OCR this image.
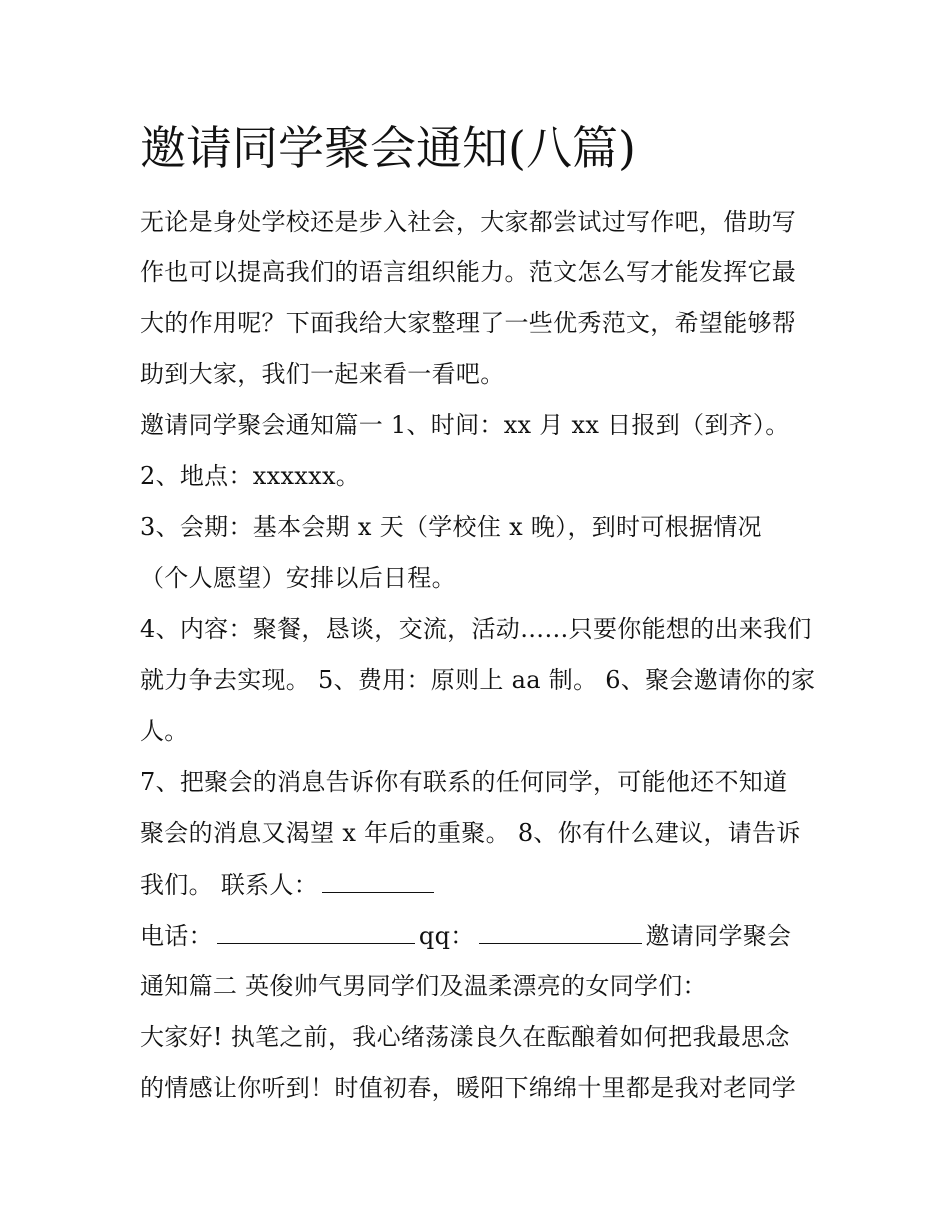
邀请同学聚会通知(八篇)

无论是身处学校还是步入社会，大家都尝试过写作吧，借助写

作也可以提高我们的语言组织能力。范文怎么写才能发挥它最

大的作用呢？下面我给大家整理了一些优秀范文，希望能够帮

助到大家，我们一起来看一看吧。

邀请同学聚会通知篇一 1、时间：xx 月 xx 日报到（到齐）。

2、地点：xxxxxx。

3、会期：基本会期 x 天（学校住 x 晚），到时可根据情况

（个人愿望）安排以后日程。

4、内容：聚餐，恳谈，交流，活动……只要你能想的出来我们

就力争去实现。 5、费用：原则上 aa 制。 6、聚会邀请你的家

人。

7、把聚会的消息告诉你有联系的任何同学，可能他还不知道

聚会的消息又渴望 x 年后的重聚。 8、你有什么建议，请告诉

我们。 联系人：

电话：	qq：	邀请同学聚会

通知篇二 英俊帅气男同学们及温柔漂亮的女同学们：

大家好! 执笔之前，我心绪荡漾良久在酝酿着如何把我最思念

的情感让你听到！时值初春，暖阳下绵绵十里都是我对老同学
